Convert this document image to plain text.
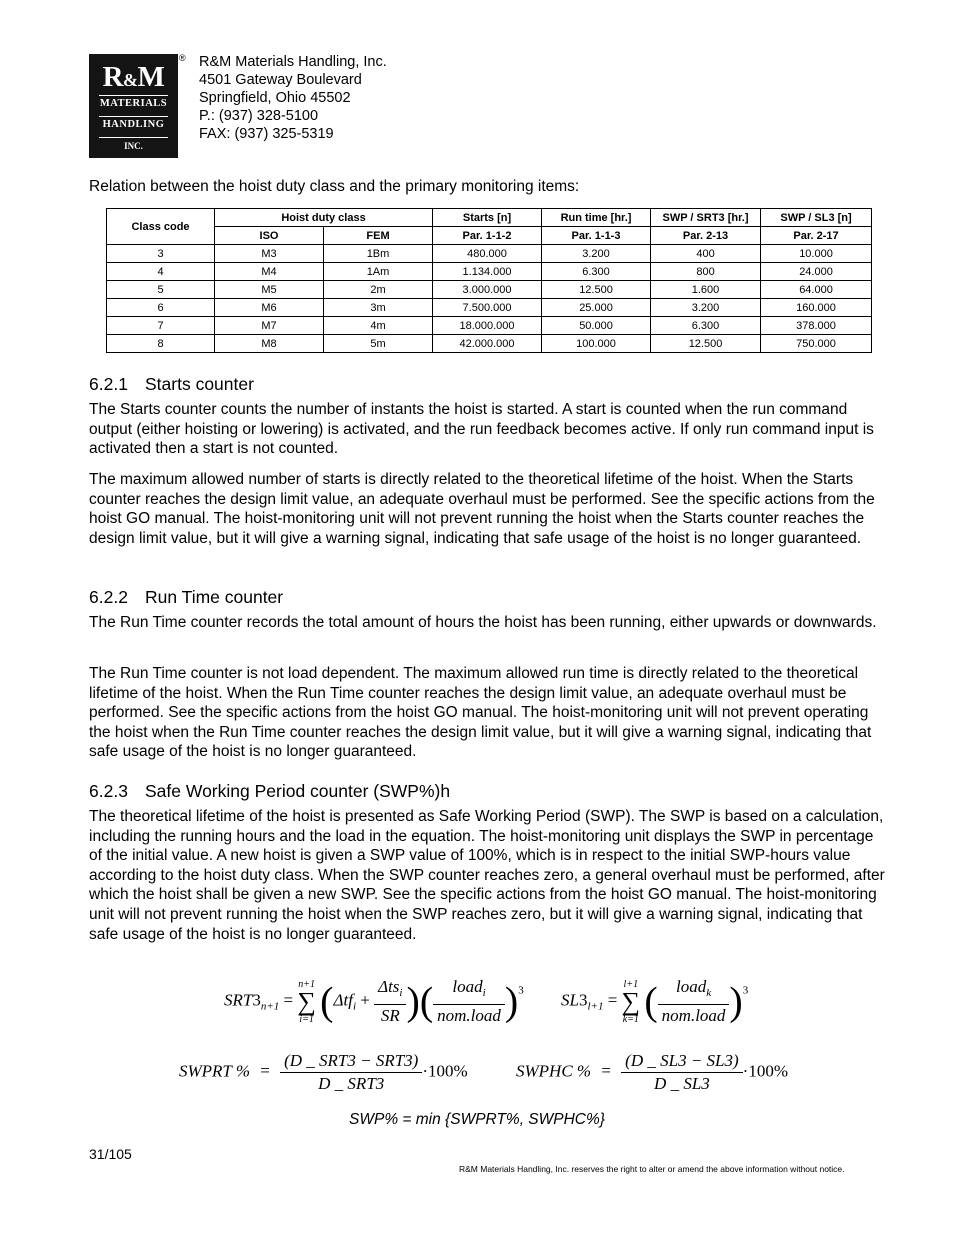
R&M
MATERIALS
HANDLING
INC.
® R&M Materials Handling, Inc.
4501 Gateway Boulevard
Springfield, Ohio 45502
P.: (937) 328-5100
FAX: (937) 325-5319
Relation between the hoist duty class and the primary monitoring items:
Class code	Hoist duty class		Starts [n]	Run time [hr.]	SWP / SRT3 [hr.]	SWP / SL3 [n]
	ISO	FEM	Par. 1-1-2	Par. 1-1-3	Par. 2-13	Par. 2-17
3	M3	1Bm	480.000	3.200	400	10.000
4	M4	1Am	1.134.000	6.300	800	24.000
5	M5	2m	3.000.000	12.500	1.600	64.000
6	M6	3m	7.500.000	25.000	3.200	160.000
7	M7	4m	18.000.000	50.000	6.300	378.000
8	M8	5m	42.000.000	100.000	12.500	750.000
6.2.1 Starts counter

The Starts counter counts the number of instants the hoist is started. A start is counted when the run command output (either hoisting or lowering) is activated, and the run feedback becomes active. If only run command input is activated then a start is not counted.

The maximum allowed number of starts is directly related to the theoretical lifetime of the hoist. When the Starts counter reaches the design limit value, an adequate overhaul must be performed. See the specific actions from the hoist GO manual. The hoist-monitoring unit will not prevent running the hoist when the Starts counter reaches the design limit value, but it will give a warning signal, indicating that safe usage of the hoist is no longer guaranteed.

6.2.2 Run Time counter

The Run Time counter records the total amount of hours the hoist has been running, either upwards or downwards.

The Run Time counter is not load dependent. The maximum allowed run time is directly related to the theoretical lifetime of the hoist. When the Run Time counter reaches the design limit value, an adequate overhaul must be performed. See the specific actions from the hoist GO manual. The hoist-monitoring unit will not prevent operating the hoist when the Run Time counter reaches the design limit value, but it will give a warning signal, indicating that safe usage of the hoist is no longer guaranteed.

6.2.3 Safe Working Period counter (SWP%)h

The theoretical lifetime of the hoist is presented as Safe Working Period (SWP). The SWP is based on a calculation, including the running hours and the load in the equation. The hoist-monitoring unit displays the SWP in percentage of the initial value. A new hoist is given a SWP value of 100%, which is in respect to the initial SWP-hours value according to the hoist duty class. When the SWP counter reaches zero, a general overhaul must be performed, after which the hoist shall be given a new SWP. See the specific actions from the hoist GO manual. The hoist-monitoring unit will not prevent running the hoist when the SWP reaches zero, but it will give a warning signal, indicating that safe usage of the hoist is no longer guaranteed.

$SRT3_{n+1}$ =
n+1
∑
i=1 ($\Delta tf_i + \frac{\Delta ts_i}{SR}$ )( $\frac{load_i}{\text{nom.load}} )^3$ $SL3_{l+1}$ =
l+1
∑
k=1 ( $\frac{load_k}{\text{nom.load}} )^3$
SWPRT % = $\frac{\text{(D \_ SRT3 − SRT3)}}{\text{D \_ SRT3}} \cdot 100\%$	SWPHC % = $\frac{(D \_ SL3 - SL3)}{D \_ SL3} \cdot 100\%$
SWP% = min {SWPRT%, SWPHC%}
31/105
R&M Materials Handling, Inc. reserves the right to alter or amend the above information without notice.
